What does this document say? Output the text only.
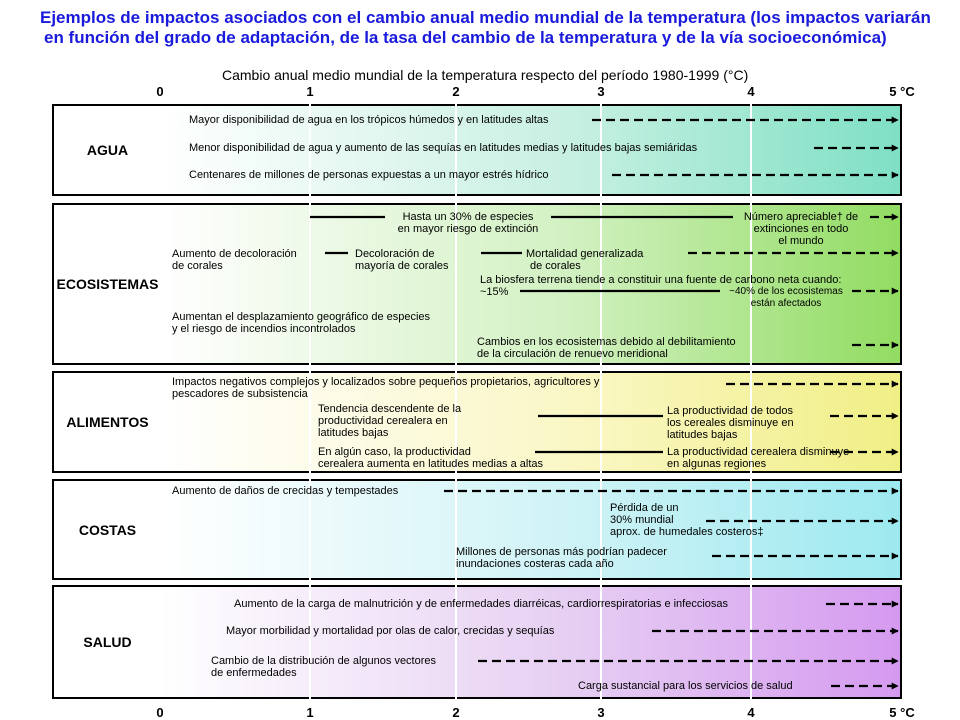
Ejemplos de impactos asociados con el cambio anual medio mundial de la temperatura (los impactos variarán
en función del grado de adaptación, de la tasa del cambio de la temperatura y de la vía socioeconómica)
Cambio anual medio mundial de la temperatura respecto del período 1980-1999 (°C)
0	1	2	3	4	5 °C
AGUA
ECOSISTEMAS
ALIMENTOS
COSTAS
SALUD
Mayor disponibilidad de agua en los trópicos húmedos y en latitudes altas
Menor disponibilidad de agua y aumento de las sequías en latitudes medias y latitudes bajas semiáridas
Centenares de millones de personas expuestas a un mayor estrés hídrico
Hasta un 30% de especies
en mayor riesgo de extinción
Número apreciable† de
extinciones en todo
el mundo
Aumento de decoloración
de corales
Decoloración de
mayoría de corales
Mortalidad generalizada
de corales
La biosfera terrena tiende a constituir una fuente de carbono neta cuando:
~15%	~40% de los ecosistemas
están afectados
Aumentan el desplazamiento geográfico de especies
y el riesgo de incendios incontrolados
Cambios en los ecosistemas debido al debilitamiento
de la circulación de renuevo meridional
Impactos negativos complejos y localizados sobre pequeños propietarios, agricultores y
pescadores de subsistencia
Tendencia descendente de la
productividad cerealera en
latitudes bajas
La productividad de todos
los cereales disminuye en
latitudes bajas
En algún caso, la productividad
cerealera aumenta en latitudes medias a altas
La productividad cerealera disminuye
en algunas regiones
Aumento de daños de crecidas y tempestades
Pérdida de un
30% mundial
aprox. de humedales costeros‡
Millones de personas más podrían padecer
inundaciones costeras cada año
Aumento de la carga de malnutrición y de enfermedades diarréicas, cardiorrespiratorias e infecciosas
Mayor morbilidad y mortalidad por olas de calor, crecidas y sequías
Cambio de la distribución de algunos vectores
de enfermedades
Carga sustancial para los servicios de salud
0	1	2	3	4	5 °C
